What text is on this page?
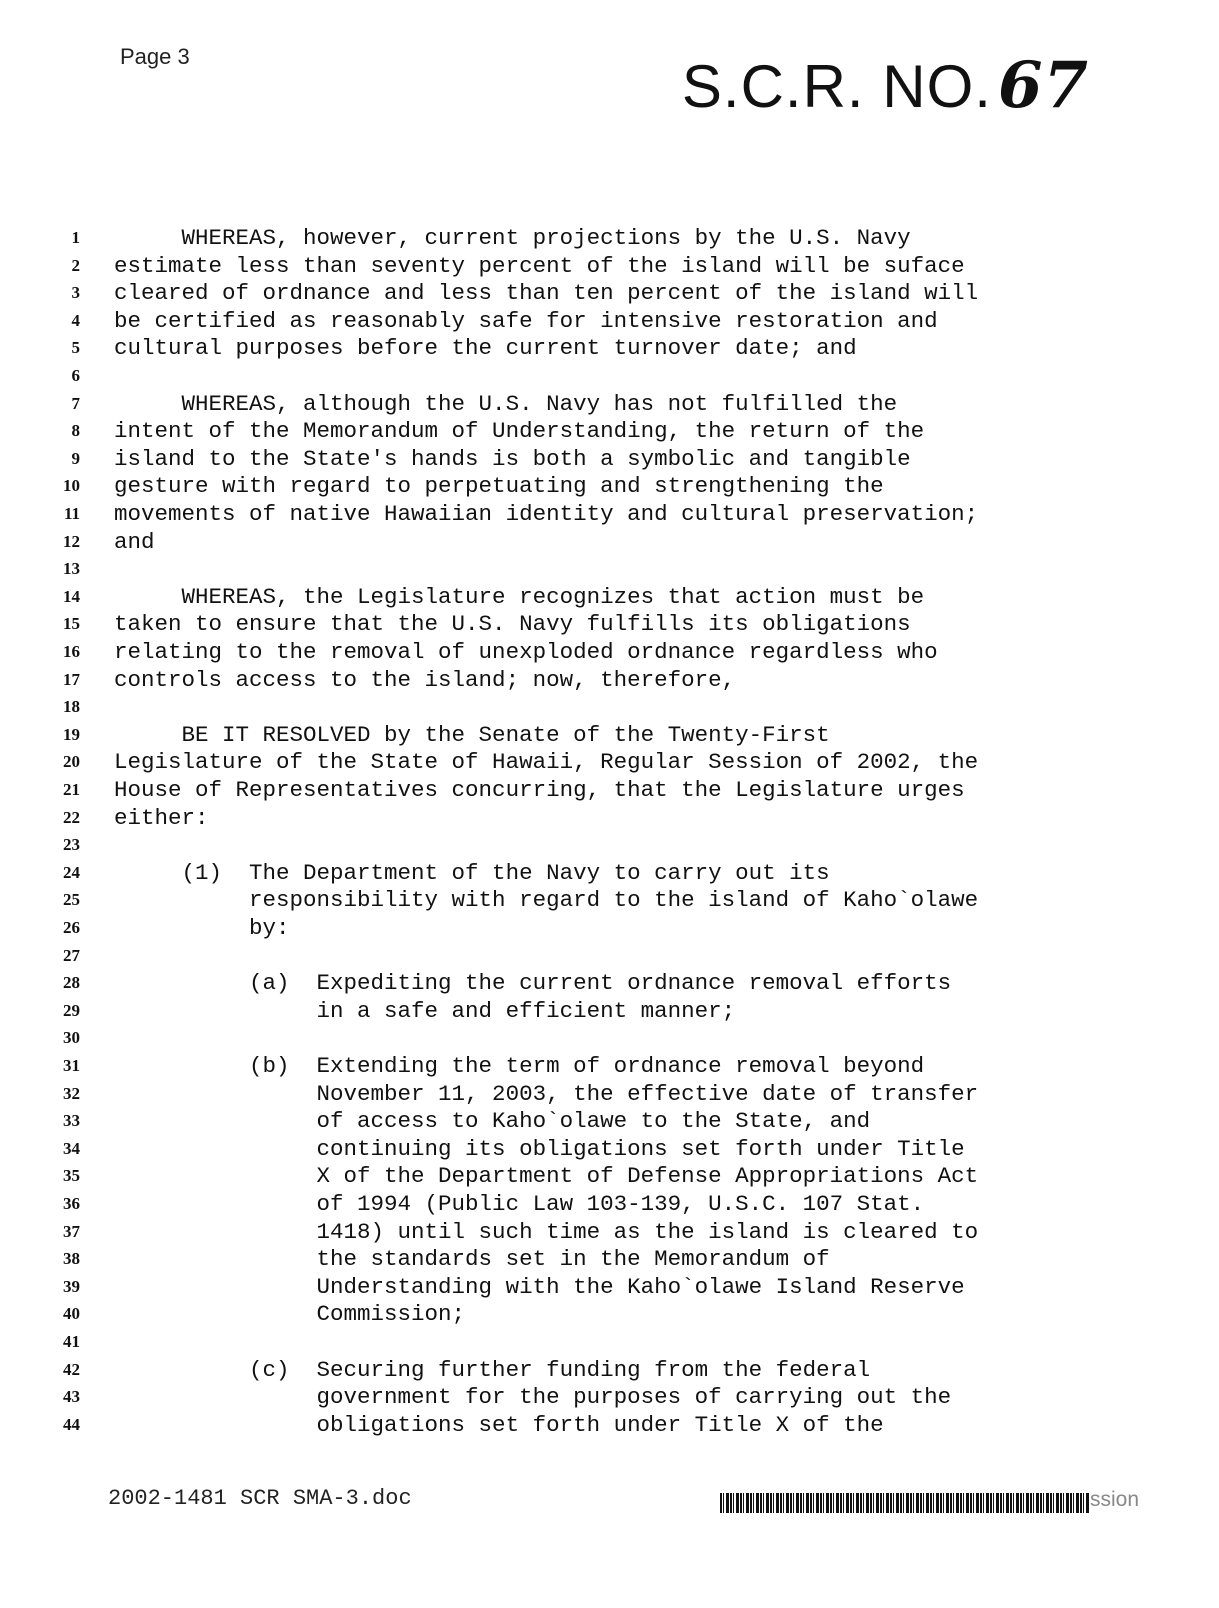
Page 3	S.C.R. NO.67
1 WHEREAS, however, current projections by the U.S. Navy
2 estimate less than seventy percent of the island will be suface
3 cleared of ordnance and less than ten percent of the island will
4 be certified as reasonably safe for intensive restoration and
5 cultural purposes before the current turnover date; and
6
7 WHEREAS, although the U.S. Navy has not fulfilled the
8 intent of the Memorandum of Understanding, the return of the
9 island to the State's hands is both a symbolic and tangible
10 gesture with regard to perpetuating and strengthening the
11 movements of native Hawaiian identity and cultural preservation;
12 and
13
14 WHEREAS, the Legislature recognizes that action must be
15 taken to ensure that the U.S. Navy fulfills its obligations
16 relating to the removal of unexploded ordnance regardless who
17 controls access to the island; now, therefore,
18
19 BE IT RESOLVED by the Senate of the Twenty-First
20 Legislature of the State of Hawaii, Regular Session of 2002, the
21 House of Representatives concurring, that the Legislature urges
22 either:
23
24 (1)  The Department of the Navy to carry out its
25 responsibility with regard to the island of Kaho`olawe
26 by:
27
28 (a)  Expediting the current ordnance removal efforts
29 in a safe and efficient manner;
30
31 (b)  Extending the term of ordnance removal beyond
32 November 11, 2003, the effective date of transfer
33 of access to Kaho`olawe to the State, and
34 continuing its obligations set forth under Title
35 X of the Department of Defense Appropriations Act
36 of 1994 (Public Law 103-139, U.S.C. 107 Stat.
37 1418) until such time as the island is cleared to
38 the standards set in the Memorandum of
39 Understanding with the Kaho`olawe Island Reserve
40 Commission;
41
42 (c)  Securing further funding from the federal
43 government for the purposes of carrying out the
44 obligations set forth under Title X of the
2002-1481 SCR SMA-3.doc	ssion
